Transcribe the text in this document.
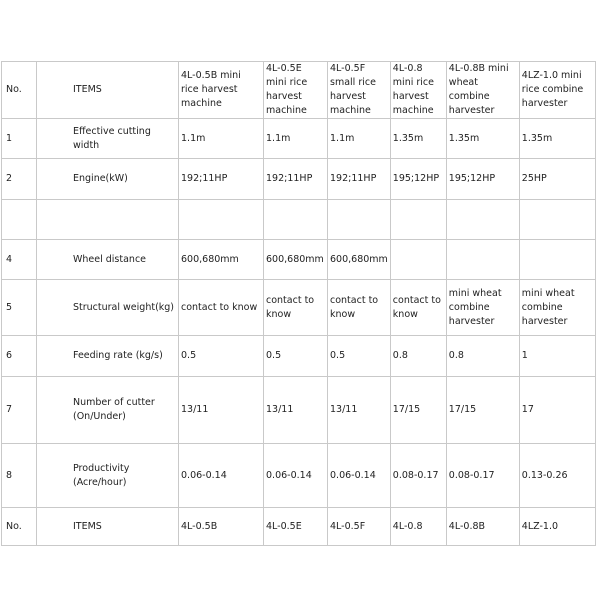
No.	ITEMS	4L-0.5B mini rice harvest machine	4L-0.5E mini rice harvest machine	4L-0.5F small rice harvest machine	4L-0.8 mini rice harvest machine	4L-0.8B mini wheat combine harvester	4LZ-1.0 mini rice combine harvester
1	Effective cutting width	1.1m	1.1m	1.1m	1.35m	1.35m	1.35m
2	Engine(kW)	192;11HP	192;11HP	192;11HP	195;12HP	195;12HP	25HP

4	Wheel distance	600,680mm	600,680mm	600,680mm			
5	Structural weight(kg)	contact to know	contact to know	contact to know	contact to know	mini wheat combine harvester	mini wheat combine harvester
6	Feeding rate (kg/s)	0.5	0.5	0.5	0.8	0.8	1
7	Number of cutter (On/Under)	13/11	13/11	13/11	17/15	17/15	17
8	Productivity (Acre/hour)	0.06-0.14	0.06-0.14	0.06-0.14	0.08-0.17	0.08-0.17	0.13-0.26
No.	ITEMS	4L-0.5B	4L-0.5E	4L-0.5F	4L-0.8	4L-0.8B	4LZ-1.0
